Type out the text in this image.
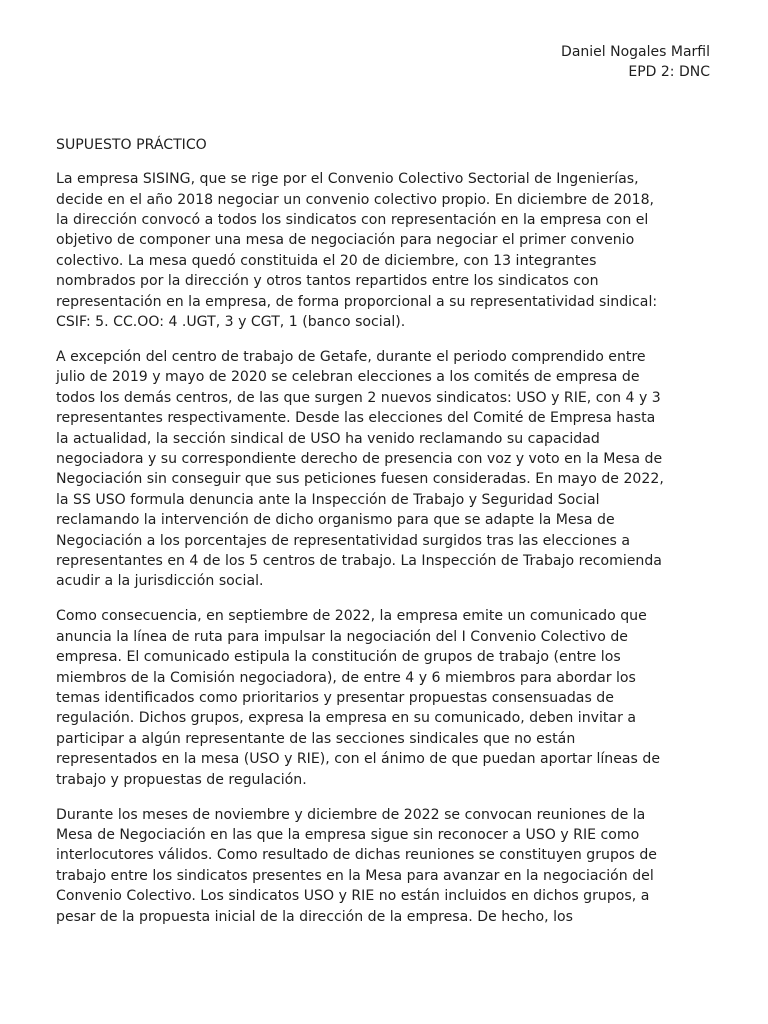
Daniel Nogales Marfil
EPD 2: DNC
SUPUESTO PRÁCTICO

La empresa SISING, que se rige por el Convenio Colectivo Sectorial de Ingenierías,
decide en el año 2018 negociar un convenio colectivo propio. En diciembre de 2018,
la dirección convocó a todos los sindicatos con representación en la empresa con el
objetivo de componer una mesa de negociación para negociar el primer convenio
colectivo. La mesa quedó constituida el 20 de diciembre, con 13 integrantes
nombrados por la dirección y otros tantos repartidos entre los sindicatos con
representación en la empresa, de forma proporcional a su representatividad sindical:
CSIF: 5. CC.OO: 4 .UGT, 3 y CGT, 1 (banco social).

A excepción del centro de trabajo de Getafe, durante el periodo comprendido entre
julio de 2019 y mayo de 2020 se celebran elecciones a los comités de empresa de
todos los demás centros, de las que surgen 2 nuevos sindicatos: USO y RIE, con 4 y 3
representantes respectivamente. Desde las elecciones del Comité de Empresa hasta
la actualidad, la sección sindical de USO ha venido reclamando su capacidad
negociadora y su correspondiente derecho de presencia con voz y voto en la Mesa de
Negociación sin conseguir que sus peticiones fuesen consideradas. En mayo de 2022,
la SS USO formula denuncia ante la Inspección de Trabajo y Seguridad Social
reclamando la intervención de dicho organismo para que se adapte la Mesa de
Negociación a los porcentajes de representatividad surgidos tras las elecciones a
representantes en 4 de los 5 centros de trabajo. La Inspección de Trabajo recomienda
acudir a la jurisdicción social.

Como consecuencia, en septiembre de 2022, la empresa emite un comunicado que
anuncia la línea de ruta para impulsar la negociación del I Convenio Colectivo de
empresa. El comunicado estipula la constitución de grupos de trabajo (entre los
miembros de la Comisión negociadora), de entre 4 y 6 miembros para abordar los
temas identificados como prioritarios y presentar propuestas consensuadas de
regulación. Dichos grupos, expresa la empresa en su comunicado, deben invitar a
participar a algún representante de las secciones sindicales que no están
representados en la mesa (USO y RIE), con el ánimo de que puedan aportar líneas de
trabajo y propuestas de regulación.

Durante los meses de noviembre y diciembre de 2022 se convocan reuniones de la
Mesa de Negociación en las que la empresa sigue sin reconocer a USO y RIE como
interlocutores válidos. Como resultado de dichas reuniones se constituyen grupos de
trabajo entre los sindicatos presentes en la Mesa para avanzar en la negociación del
Convenio Colectivo. Los sindicatos USO y RIE no están incluidos en dichos grupos, a
pesar de la propuesta inicial de la dirección de la empresa. De hecho, los
